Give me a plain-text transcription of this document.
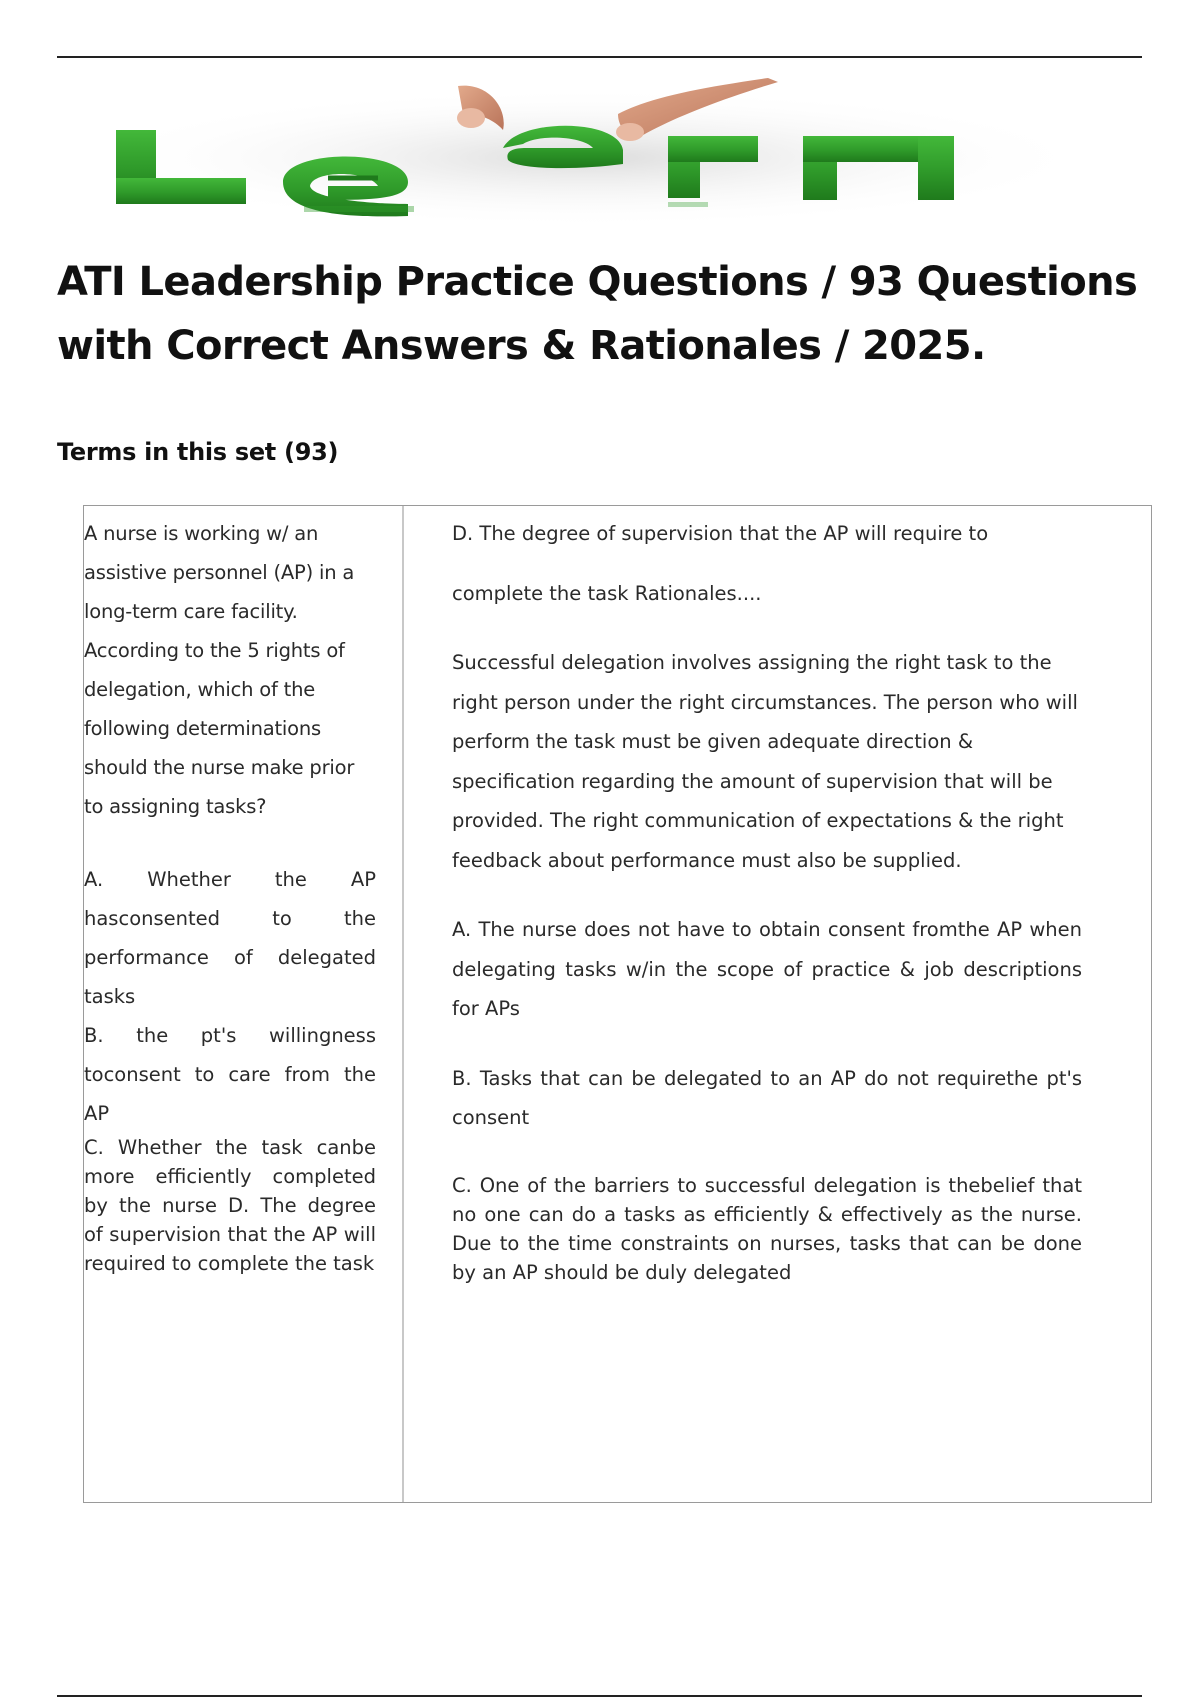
ATI Leadership Practice Questions / 93 Questions with Correct Answers & Rationales / 2025.
Terms in this set (93)

A nurse is working w/ an assistive personnel (AP) in a long-term care facility. According to the 5 rights of delegation, which of the following determinations should the nurse make prior to assigning tasks?

A. Whether the AP hasconsented to the performance of delegated tasks

B. the pt's willingness toconsent to care from the AP

C. Whether the task canbe more efficiently completed by the nurse D. The degree of supervision that the AP will required to complete the task

D. The degree of supervision that the AP will require to

complete the task Rationales....

Successful delegation involves assigning the right task to the right person under the right circumstances. The person who will perform the task must be given adequate direction & specification regarding the amount of supervision that will be provided. The right communication of expectations & the right feedback about performance must also be supplied.

A. The nurse does not have to obtain consent fromthe AP when delegating tasks w/in the scope of practice & job descriptions for APs

B. Tasks that can be delegated to an AP do not requirethe pt's consent

C. One of the barriers to successful delegation is thebelief that no one can do a tasks as efficiently & effectively as the nurse. Due to the time constraints on nurses, tasks that can be done by an AP should be duly delegated
